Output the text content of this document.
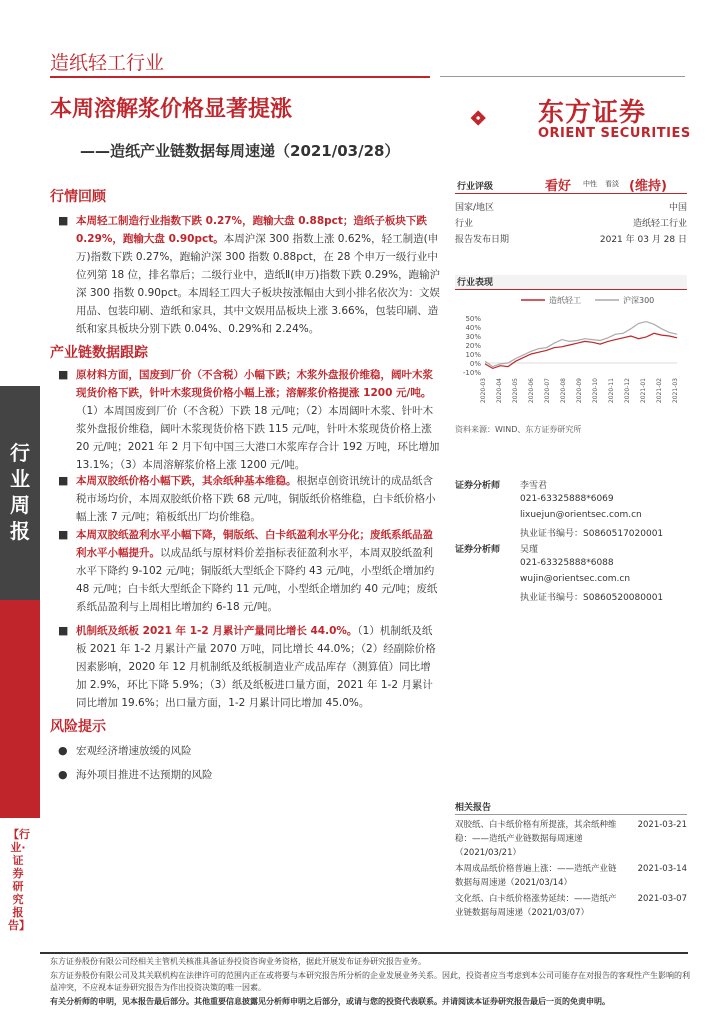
行
业
周
报
【行业·证券研究报告】
造纸轻工行业
本周溶解浆价格显著提涨
——造纸产业链数据每周速递（2021/03/28）
东方证券
ORIENT SECURITIES
行情回顾
■ 本周轻工制造行业指数下跌 0.27%，跑输大盘 0.88pct；造纸子板块下跌 0.29%，跑输大盘 0.90pct。本周沪深 300 指数上涨 0.62%，轻工制造(申万)指数下跌 0.27%，跑输沪深 300 指数 0.88pct，在 28 个申万一级行业中位列第 18 位，排名靠后；二级行业中，造纸Ⅱ(申万)指数下跌 0.29%，跑输沪深 300 指数 0.90pct。本周轻工四大子板块按涨幅由大到小排名依次为：文娱用品、包装印刷、造纸和家具，其中文娱用品板块上涨 3.66%，包装印刷、造纸和家具板块分别下跌 0.04%、0.29%和 2.24%。
产业链数据跟踪
■ 原材料方面，国废到厂价（不含税）小幅下跌；木浆外盘报价维稳，阔叶木浆现货价格下跌，针叶木浆现货价格小幅上涨；溶解浆价格提涨 1200 元/吨。（1）本周国废到厂价（不含税）下跌 18 元/吨；（2）本周阔叶木浆、针叶木浆外盘报价维稳，阔叶木浆现货价格下跌 115 元/吨，针叶木浆现货价格上涨 20 元/吨；2021 年 2 月下旬中国三大港口木浆库存合计 192 万吨，环比增加 13.1%；（3）本周溶解浆价格上涨 1200 元/吨。
■ 本周双胶纸价格小幅下跌，其余纸种基本维稳。根据卓创资讯统计的成品纸含税市场均价，本周双胶纸价格下跌 68 元/吨，铜版纸价格维稳，白卡纸价格小幅上涨 7 元/吨；箱板纸出厂均价维稳。
■ 本周双胶纸盈利水平小幅下降，铜版纸、白卡纸盈利水平分化；废纸系纸品盈利水平小幅提升。以成品纸与原材料价差指标表征盈利水平，本周双胶纸盈利水平下降约 9-102 元/吨；铜版纸大型纸企下降约 43 元/吨，小型纸企增加约 48 元/吨；白卡纸大型纸企下降约 11 元/吨，小型纸企增加约 40 元/吨；废纸系纸品盈利与上周相比增加约 6-18 元/吨。
■ 机制纸及纸板 2021 年 1-2 月累计产量同比增长 44.0%。（1）机制纸及纸板 2021 年 1-2 月累计产量 2070 万吨，同比增长 44.0%；（2）经副除价格因素影响，2020 年 12 月机制纸及纸板制造业产成品库存（测算值）同比增加 2.9%，环比下降 5.9%；（3）纸及纸板进口量方面，2021 年 1-2 月累计同比增加 19.6%；出口量方面，1-2 月累计同比增加 45.0%。
风险提示
● 宏观经济增速放缓的风险
● 海外项目推进不达预期的风险
行业评级	看好 中性 看淡 (维持)
国家/地区	中国
行业	造纸轻工行业
报告发布日期	2021 年 03 月 28 日
行业表现
造纸轻工	沪深300
-10%
0%
10%
20%
30%
40%
50%
2020-03 2020-04 2020-05 2020-06 2020-07 2020-08 2020-09 2020-10 2020-11 2020-12 2021-01 2021-02 2021-03
资料来源：WIND、东方证券研究所
证券分析师 李雪君
021-63325888*6069
lixuejun@orientsec.com.cn
执业证书编号：S0860517020001
证券分析师 吴瑾
021-63325888*6088
wujin@orientsec.com.cn
执业证书编号：S0860520080001
相关报告
双胶纸、白卡纸价格有所提涨，其余纸种维稳：——造纸产业链数据每周速递（2021/03/21）
2021-03-21
本周成品纸价格普遍上涨：——造纸产业链数据每周速递（2021/03/14）
2021-03-14
文化纸、白卡纸价格涨势延续：——造纸产业链数据每周速递（2021/03/07）
2021-03-07
东方证券股份有限公司经相关主管机关核准具备证券投资咨询业务资格，据此开展发布证券研究报告业务。
东方证券股份有限公司及其关联机构在法律许可的范围内正在或将要与本研究报告所分析的企业发展业务关系。因此，投资者应当考虑到本公司可能存在对报告的客观性产生影响的利益冲突，不应视本证券研究报告为作出投资决策的唯一因素。
有关分析师的申明，见本报告最后部分。其他重要信息披露见分析师申明之后部分，或请与您的投资代表联系。并请阅读本证券研究报告最后一页的免责申明。
